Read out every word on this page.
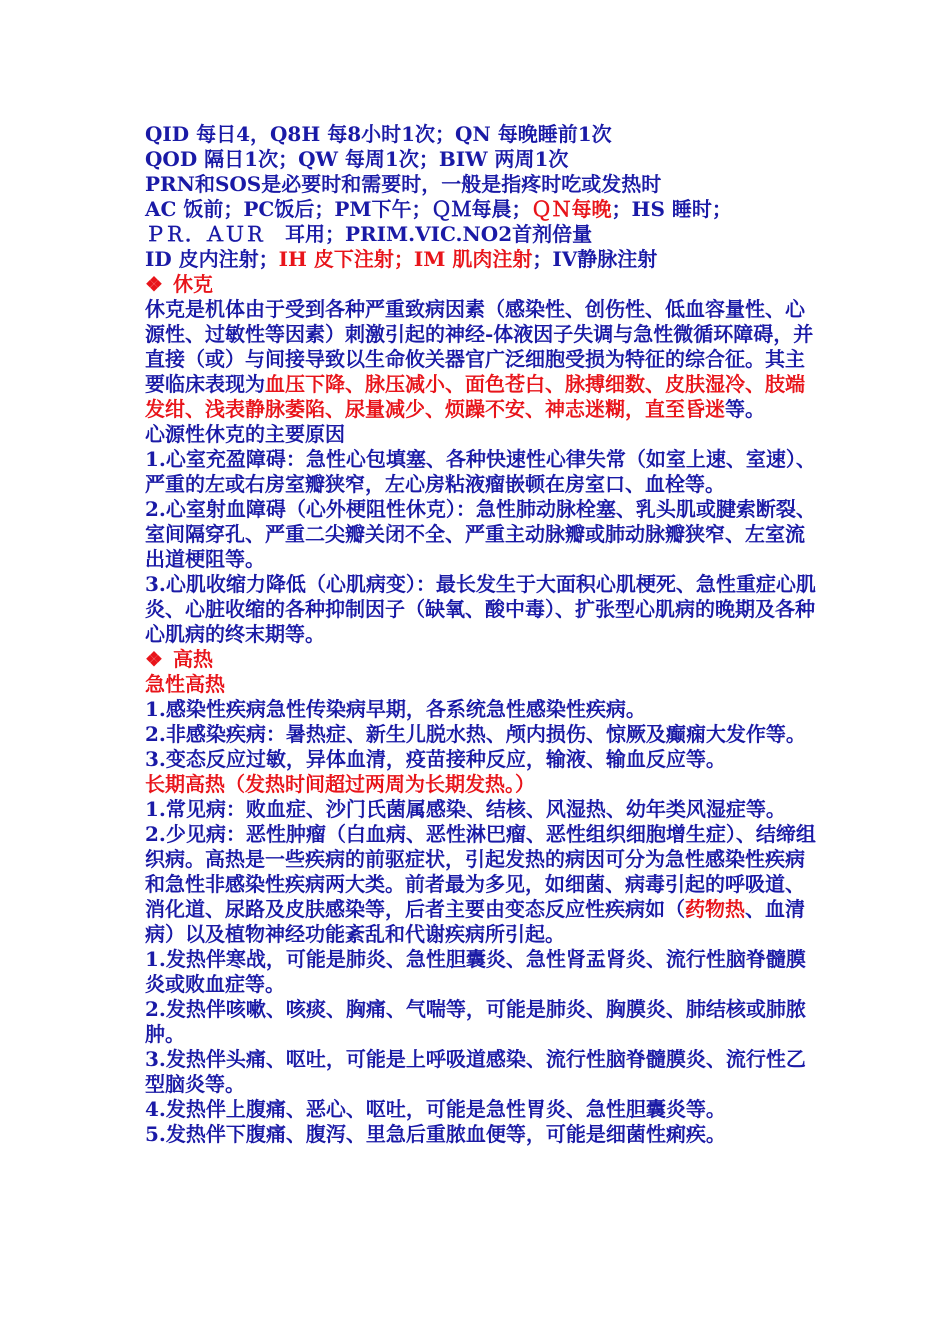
QID 每日4，Q8H 每8小时1次；QN 每晚睡前1次
QOD 隔日1次；QW 每周1次；BIW 两周1次
PRN和SOS是必要时和需要时，一般是指疼时吃或发热时
AC 饭前；PC饭后；PM下午；ＱＭ每晨；ＱＮ每晚；HS 睡时；
ＰＲ．ＡＵＲ　耳用；PRIM.VIC.NO2首剂倍量
ID 皮内注射；IH 皮下注射；IM 肌肉注射；IV静脉注射
❖ 休克
休克是机体由于受到各种严重致病因素（感染性、创伤性、低血容量性、心源性、过敏性等因素）刺激引起的神经-体液因子失调与急性微循环障碍，并直接（或）与间接导致以生命攸关器官广泛细胞受损为特征的综合征。其主要临床表现为血压下降、脉压减小、面色苍白、脉搏细数、皮肤湿冷、肢端发绀、浅表静脉萎陷、尿量减少、烦躁不安、神志迷糊，直至昏迷等。
心源性休克的主要原因
1.心室充盈障碍：急性心包填塞、各种快速性心律失常（如室上速、室速）、严重的左或右房室瓣狭窄，左心房粘液瘤嵌顿在房室口、血栓等。
2.心室射血障碍（心外梗阻性休克）：急性肺动脉栓塞、乳头肌或腱索断裂、室间隔穿孔、严重二尖瓣关闭不全、严重主动脉瓣或肺动脉瓣狭窄、左室流出道梗阻等。
3.心肌收缩力降低（心肌病变）：最长发生于大面积心肌梗死、急性重症心肌炎、心脏收缩的各种抑制因子（缺氧、酸中毒）、扩张型心肌病的晚期及各种心肌病的终末期等。
❖ 高热
急性高热
1.感染性疾病急性传染病早期，各系统急性感染性疾病。
2.非感染疾病：暑热症、新生儿脱水热、颅内损伤、惊厥及癫痫大发作等。
3.变态反应过敏，异体血清，疫苗接种反应，输液、输血反应等。
长期高热（发热时间超过两周为长期发热。）
1.常见病：败血症、沙门氏菌属感染、结核、风湿热、幼年类风湿症等。
2.少见病：恶性肿瘤（白血病、恶性淋巴瘤、恶性组织细胞增生症）、结缔组织病。高热是一些疾病的前驱症状，引起发热的病因可分为急性感染性疾病和急性非感染性疾病两大类。前者最为多见，如细菌、病毒引起的呼吸道、消化道、尿路及皮肤感染等，后者主要由变态反应性疾病如（药物热、血清病）以及植物神经功能紊乱和代谢疾病所引起。
1.发热伴寒战，可能是肺炎、急性胆囊炎、急性肾盂肾炎、流行性脑脊髓膜炎或败血症等。
2.发热伴咳嗽、咳痰、胸痛、气喘等，可能是肺炎、胸膜炎、肺结核或肺脓肿。
3.发热伴头痛、呕吐，可能是上呼吸道感染、流行性脑脊髓膜炎、流行性乙型脑炎等。
4.发热伴上腹痛、恶心、呕吐，可能是急性胃炎、急性胆囊炎等。
5.发热伴下腹痛、腹泻、里急后重脓血便等，可能是细菌性痢疾。
